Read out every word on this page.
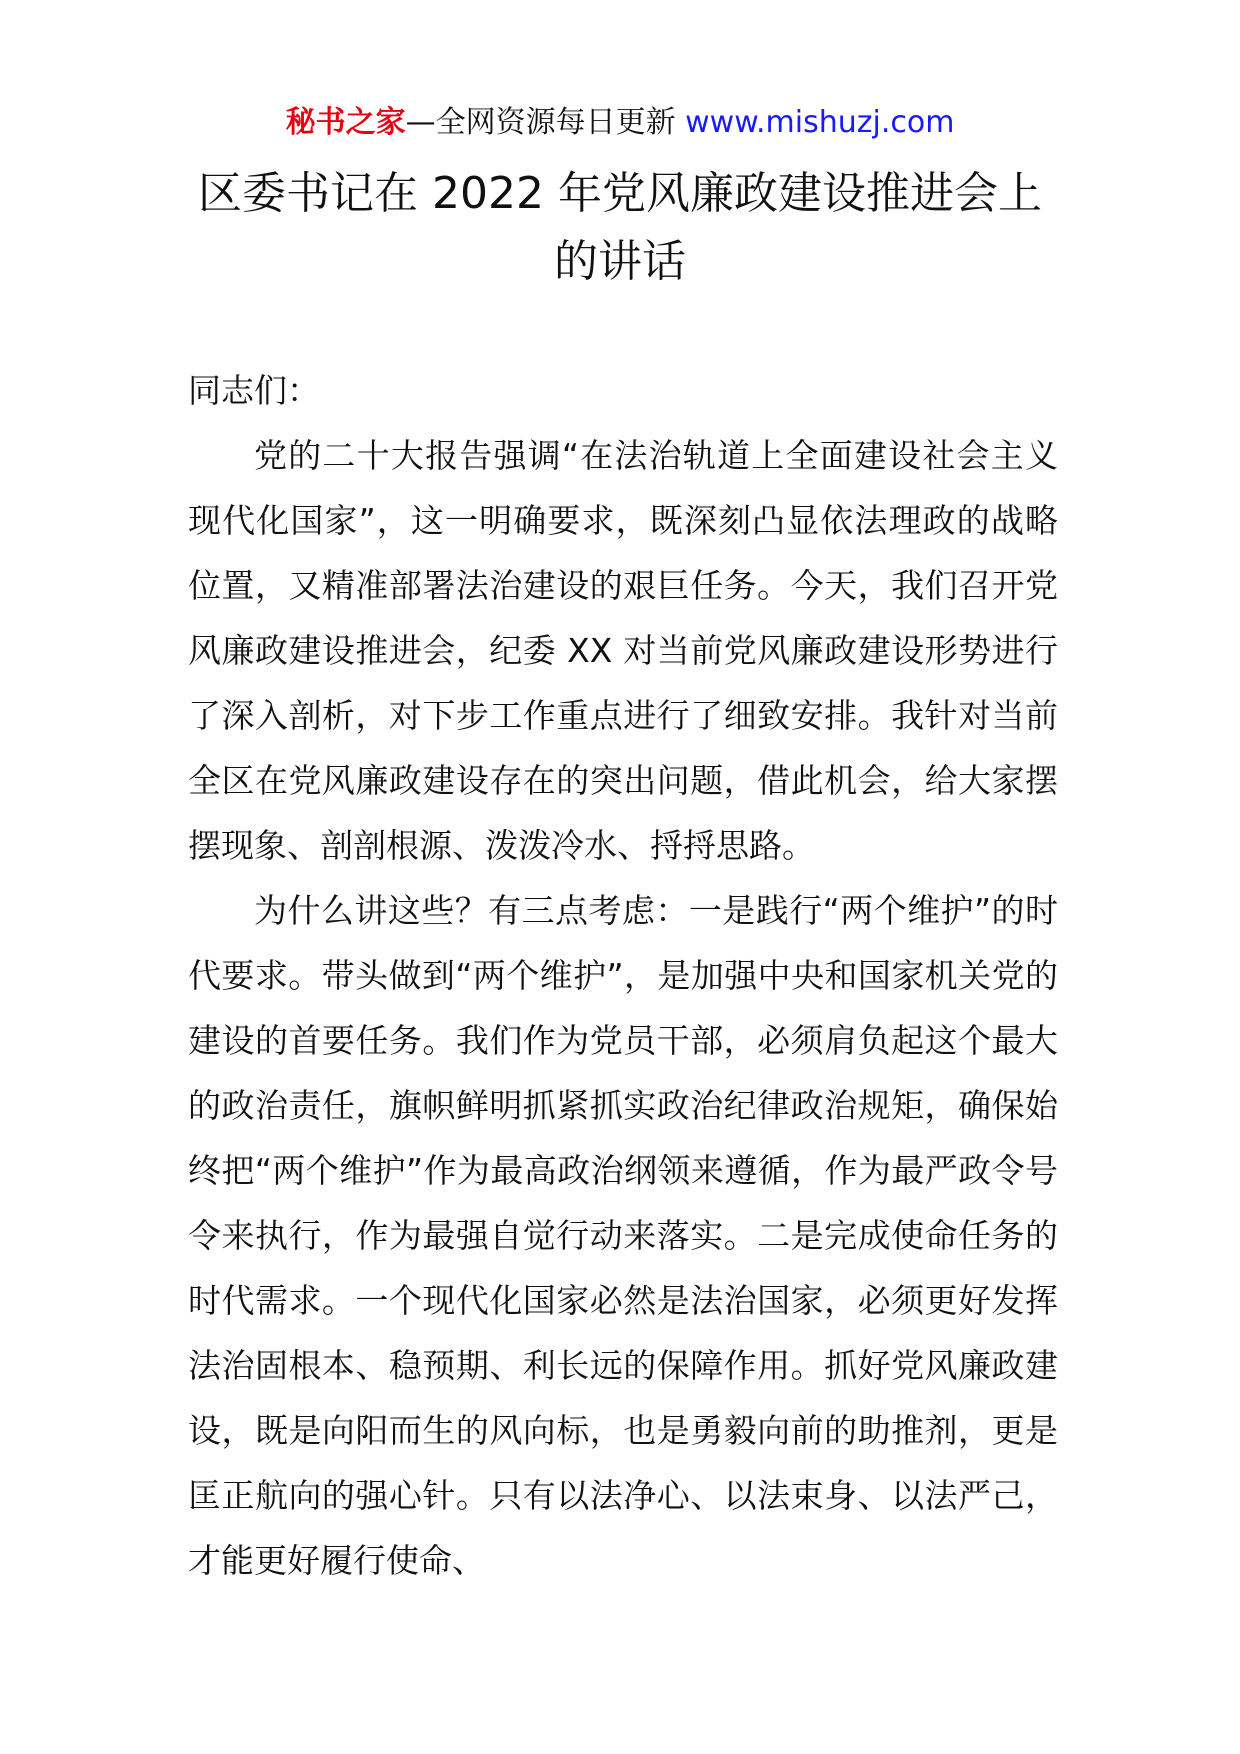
秘书之家—全网资源每日更新 www.mishuzj.com
区委书记在 2022 年党风廉政建设推进会上
的讲话

同志们：

党的二十大报告强调“在法治轨道上全面建设社会主义现代化国家”，这一明确要求，既深刻凸显依法理政的战略位置，又精准部署法治建设的艰巨任务。今天，我们召开党风廉政建设推进会，纪委 XX 对当前党风廉政建设形势进行了深入剖析，对下步工作重点进行了细致安排。我针对当前全区在党风廉政建设存在的突出问题，借此机会，给大家摆摆现象、剖剖根源、泼泼冷水、捋捋思路。

为什么讲这些？有三点考虑：一是践行“两个维护”的时代要求。带头做到“两个维护”，是加强中央和国家机关党的建设的首要任务。我们作为党员干部，必须肩负起这个最大的政治责任，旗帜鲜明抓紧抓实政治纪律政治规矩，确保始终把“两个维护”作为最高政治纲领来遵循，作为最严政令号令来执行，作为最强自觉行动来落实。二是完成使命任务的时代需求。一个现代化国家必然是法治国家，必须更好发挥法治固根本、稳预期、利长远的保障作用。抓好党风廉政建设，既是向阳而生的风向标，也是勇毅向前的助推剂，更是匡正航向的强心针。只有以法净心、以法束身、以法严己，才能更好履行使命、
